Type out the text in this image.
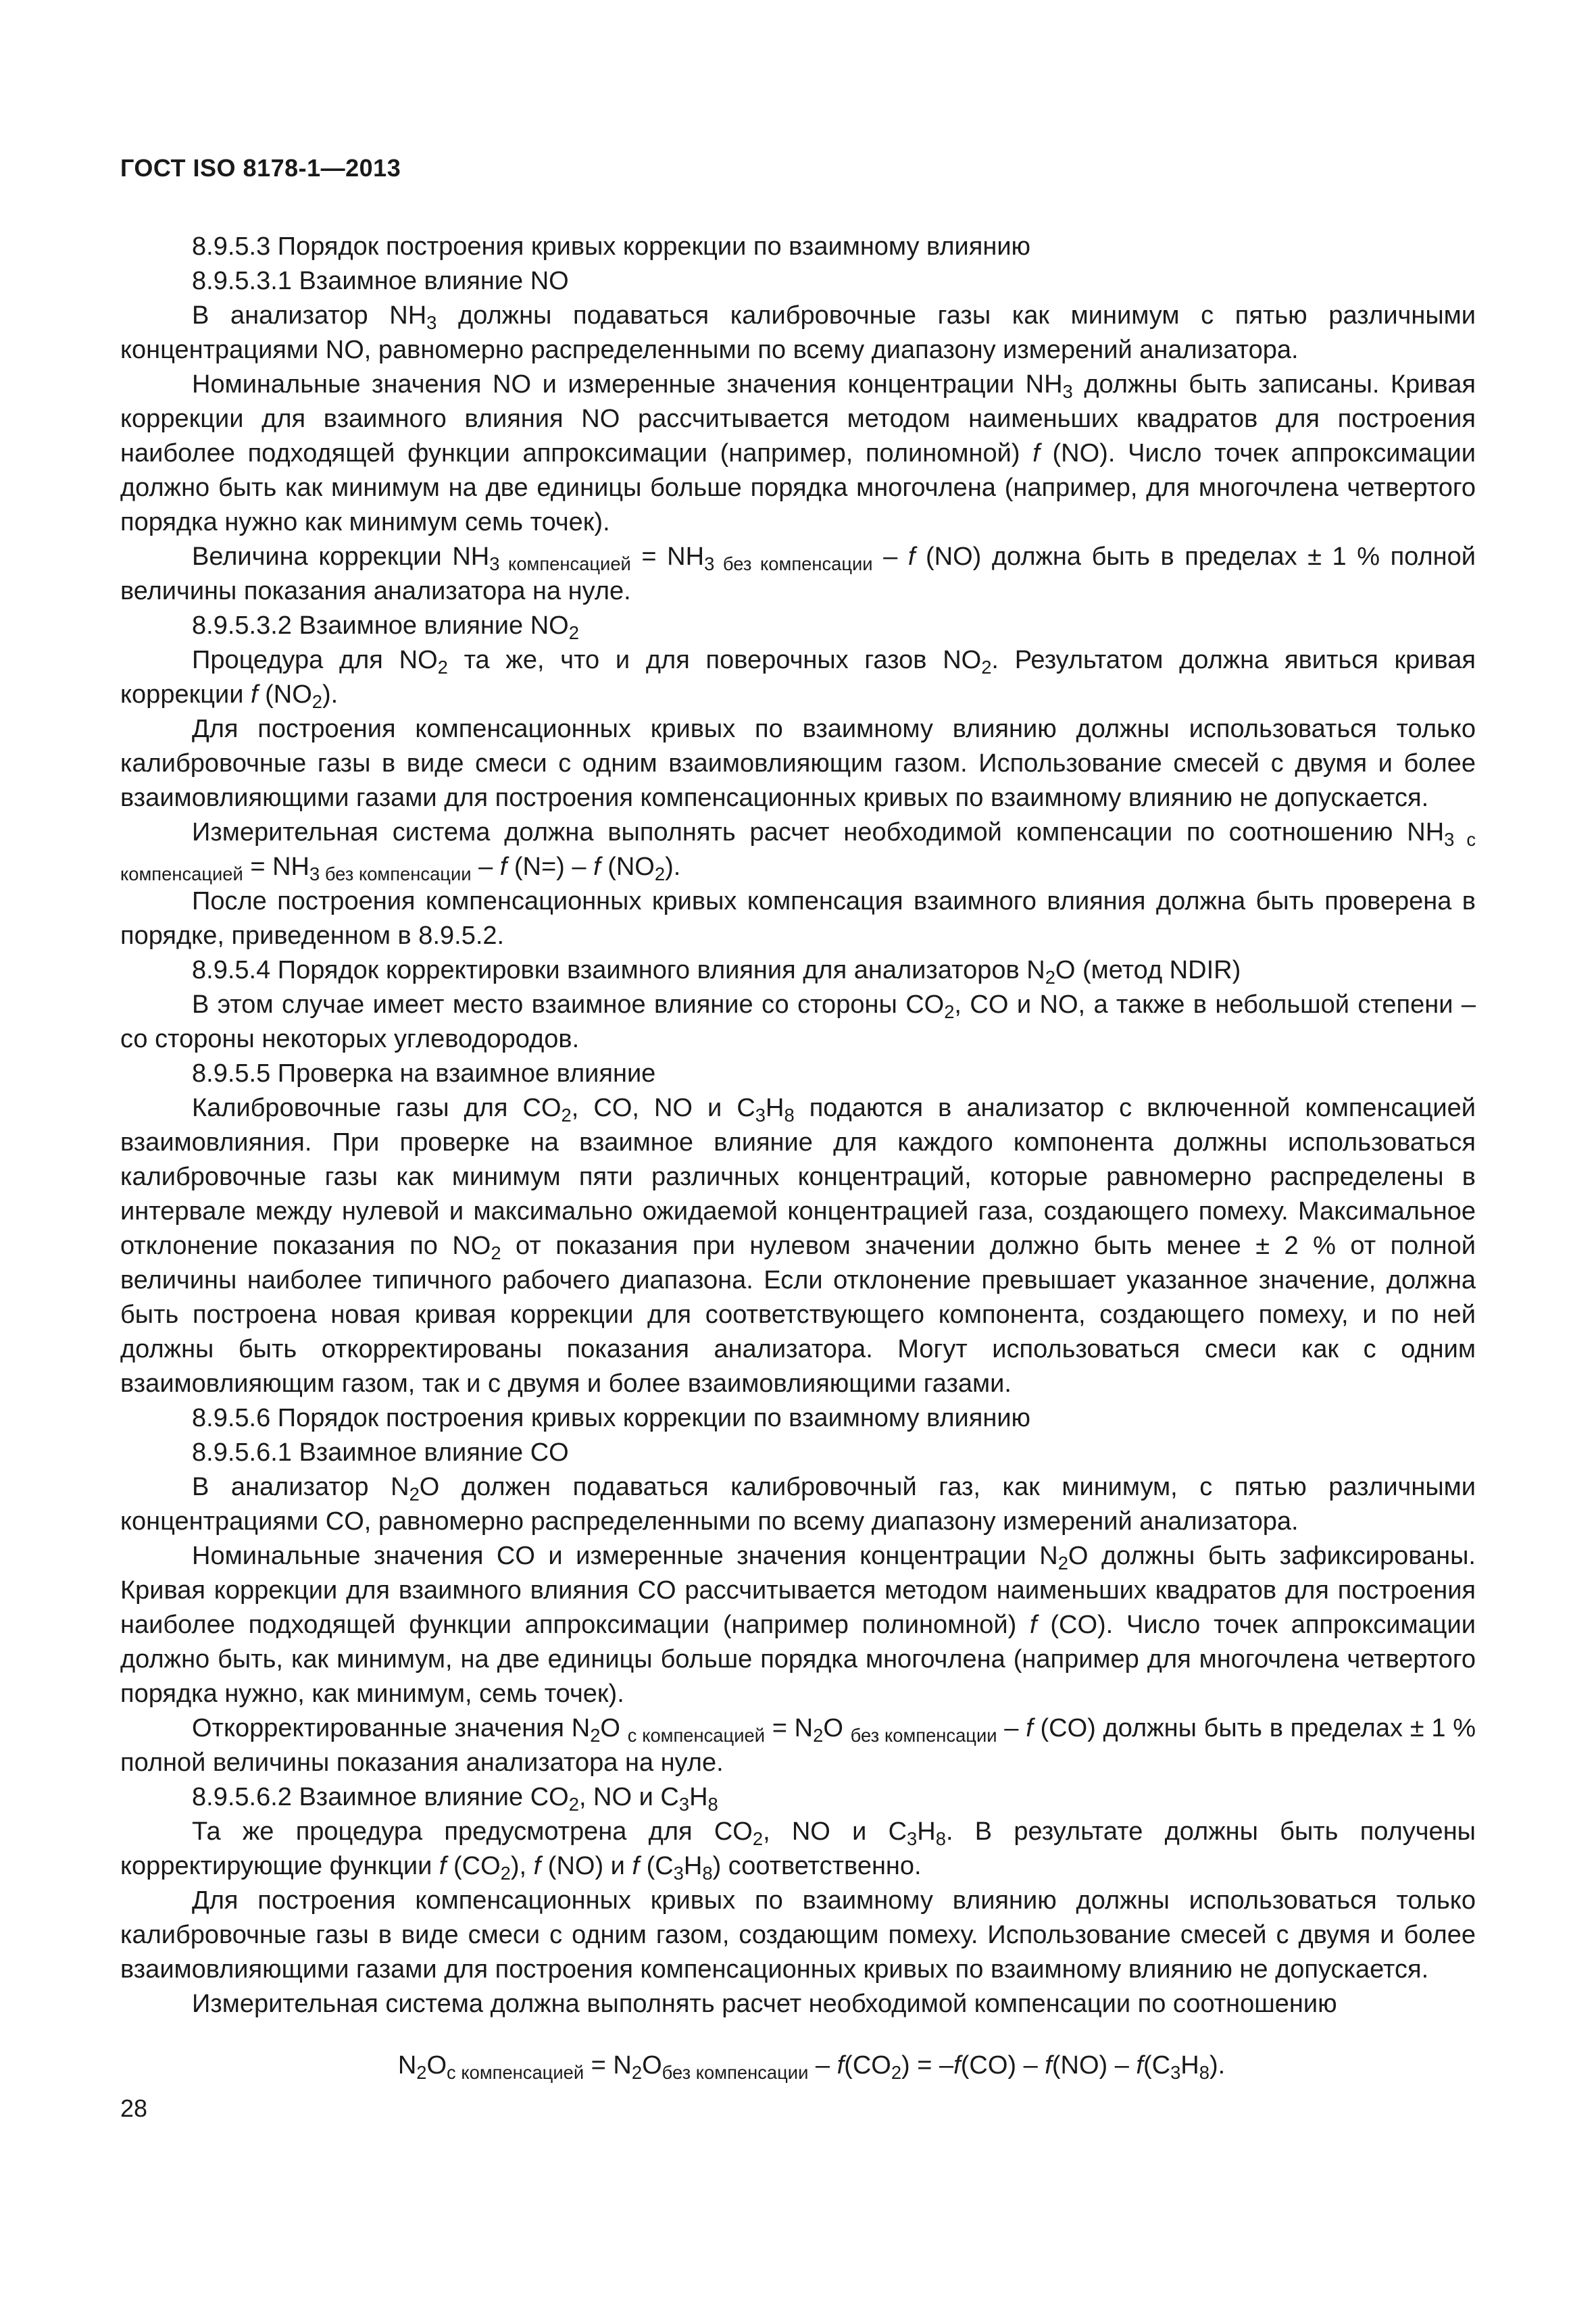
ГОСТ ISO 8178-1—2013

8.9.5.3 Порядок построения кривых коррекции по взаимному влиянию

8.9.5.3.1 Взаимное влияние NO

В анализатор $NH_3$ должны подаваться калибровочные газы как минимум с пятью различными концентрациями NO, равномерно распределенными по всему диапазону измерений анализатора.

Номинальные значения NO и измеренные значения концентрации $NH_3$ должны быть записаны. Кривая коррекции для взаимного влияния NO рассчитывается методом наименьших квадратов для построения наиболее подходящей функции аппроксимации (например, полиномной) f (NO). Число точек аппроксимации должно быть как минимум на две единицы больше порядка многочлена (например, для многочлена четвертого порядка нужно как минимум семь точек).

Величина коррекции $NH_{3 компенсацией} = NH_{3 без компенсации} - f$ (NO) должна быть в пределах ± 1 % полной величины показания анализатора на нуле.

8.9.5.3.2 Взаимное влияние $NO_2$

Процедура для $NO_2$ та же, что и для поверочных газов $NO_2$. Результатом должна явиться кривая коррекции f $(NO_2)$.

Для построения компенсационных кривых по взаимному влиянию должны использоваться только калибровочные газы в виде смеси с одним взаимовлияющим газом. Использование смесей с двумя и более взаимовлияющими газами для построения компенсационных кривых по взаимному влиянию не допускается.

Измерительная система должна выполнять расчет необходимой компенсации по соотношению $NH_{3 с компенсацией} = NH_{3 без компенсации} - f$ (N=) – f $(NO_2)$.

После построения компенсационных кривых компенсация взаимного влияния должна быть проверена в порядке, приведенном в 8.9.5.2.

8.9.5.4 Порядок корректировки взаимного влияния для анализаторов $N_2O$ (метод NDIR)

В этом случае имеет место взаимное влияние со стороны $CO_2$, CO и NO, а также в небольшой степени – со стороны некоторых углеводородов.

8.9.5.5 Проверка на взаимное влияние

Калибровочные газы для $CO_2$, CO, NO и $C_3H_8$ подаются в анализатор с включенной компенсацией взаимовлияния. При проверке на взаимное влияние для каждого компонента должны использоваться калибровочные газы как минимум пяти различных концентраций, которые равномерно распределены в интервале между нулевой и максимально ожидаемой концентрацией газа, создающего помеху. Максимальное отклонение показания по $NO_2$ от показания при нулевом значении должно быть менее ± 2 % от полной величины наиболее типичного рабочего диапазона. Если отклонение превышает указанное значение, должна быть построена новая кривая коррекции для соответствующего компонента, создающего помеху, и по ней должны быть откорректированы показания анализатора. Могут использоваться смеси как с одним взаимовлияющим газом, так и с двумя и более взаимовлияющими газами.

8.9.5.6 Порядок построения кривых коррекции по взаимному влиянию

8.9.5.6.1 Взаимное влияние CO

В анализатор $N_2O$ должен подаваться калибровочный газ, как минимум, с пятью различными концентрациями CO, равномерно распределенными по всему диапазону измерений анализатора.

Номинальные значения CO и измеренные значения концентрации $N_2O$ должны быть зафиксированы. Кривая коррекции для взаимного влияния CO рассчитывается методом наименьших квадратов для построения наиболее подходящей функции аппроксимации (например полиномной) f (CO). Число точек аппроксимации должно быть, как минимум, на две единицы больше порядка многочлена (например для многочлена четвертого порядка нужно, как минимум, семь точек).

Откорректированные значения $N_2O$ $_{с компенсацией} = N_2O$ $_{без компенсации}$ – f (CO) должны быть в пределах ± 1 % полной величины показания анализатора на нуле.

8.9.5.6.2 Взаимное влияние $CO_2$, NO и $C_3H_8$

Та же процедура предусмотрена для $CO_2$, NO и $C_3H_8$. В результате должны быть получены корректирующие функции f $(CO_2)$, f (NO) и f $(C_3H_8)$ соответственно.

Для построения компенсационных кривых по взаимному влиянию должны использоваться только калибровочные газы в виде смеси с одним газом, создающим помеху. Использование смесей с двумя и более взаимовлияющими газами для построения компенсационных кривых по взаимному влиянию не допускается.

Измерительная система должна выполнять расчет необходимой компенсации по соотношению

$N_2O_{с компенсацией} = N_2O_{без компенсации} - f(CO_2) = -f(CO) - f(NO) - f(C_3H_8)$.
28
